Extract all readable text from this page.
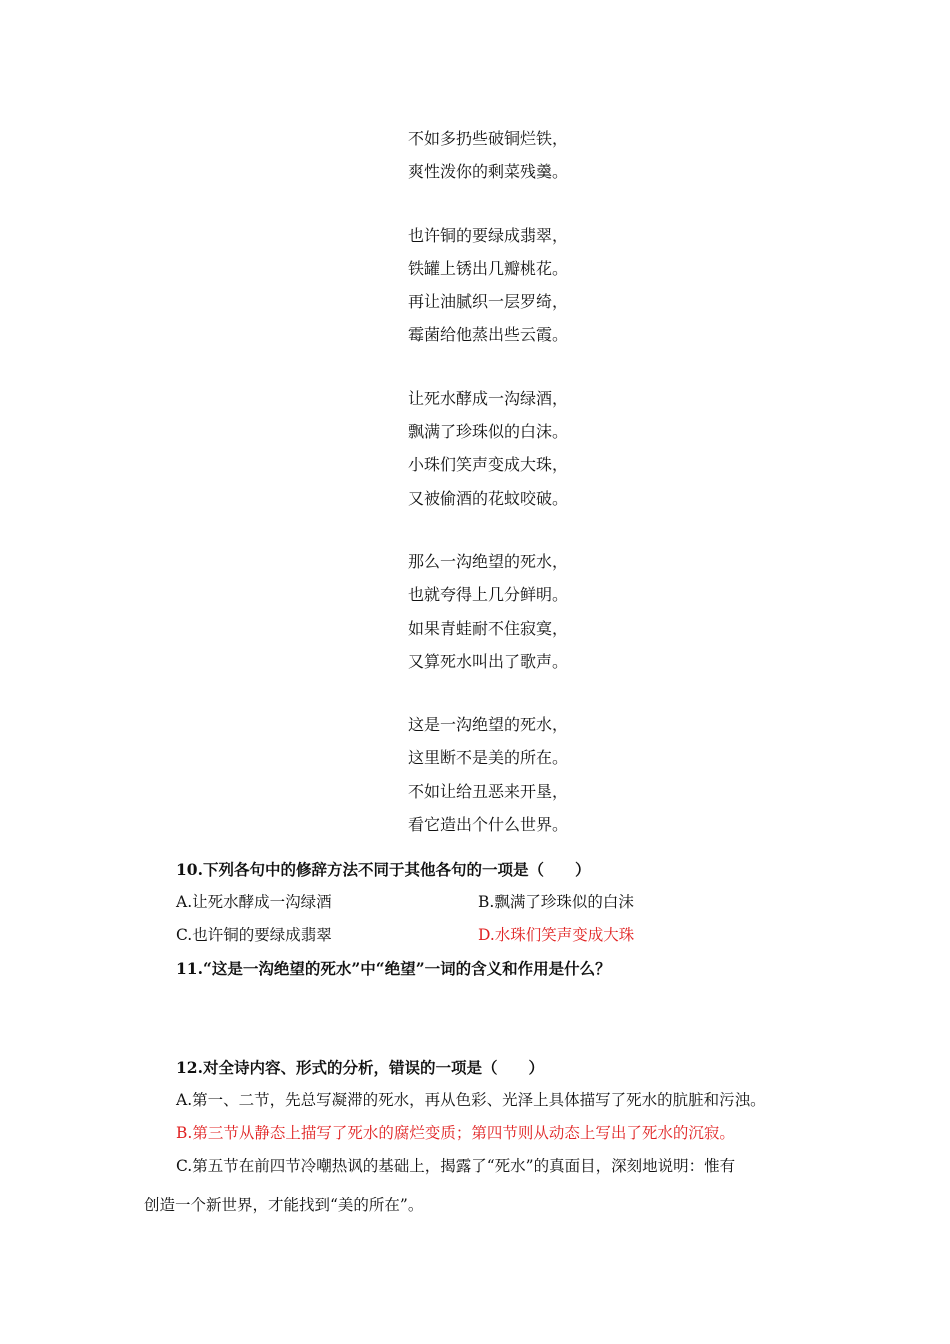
不如多扔些破铜烂铁，
爽性泼你的剩菜残羹。
也许铜的要绿成翡翠，
铁罐上锈出几瓣桃花。
再让油腻织一层罗绮，
霉菌给他蒸出些云霞。
让死水酵成一沟绿酒，
飘满了珍珠似的白沫。
小珠们笑声变成大珠，
又被偷酒的花蚊咬破。
那么一沟绝望的死水，
也就夸得上几分鲜明。
如果青蛙耐不住寂寞，
又算死水叫出了歌声。
这是一沟绝望的死水，
这里断不是美的所在。
不如让给丑恶来开垦，
看它造出个什么世界。
10.下列各句中的修辞方法不同于其他各句的一项是（　　）
A.让死水酵成一沟绿酒	B.飘满了珍珠似的白沫
C.也许铜的要绿成翡翠	D.水珠们笑声变成大珠
11.“这是一沟绝望的死水”中“绝望”一词的含义和作用是什么？
12.对全诗内容、形式的分析，错误的一项是（　　）
A.第一、二节，先总写凝滞的死水，再从色彩、光泽上具体描写了死水的肮脏和污浊。
B.第三节从静态上描写了死水的腐烂变质；第四节则从动态上写出了死水的沉寂。
C.第五节在前四节冷嘲热讽的基础上，揭露了“死水”的真面目，深刻地说明：惟有
创造一个新世界，才能找到“美的所在”。
